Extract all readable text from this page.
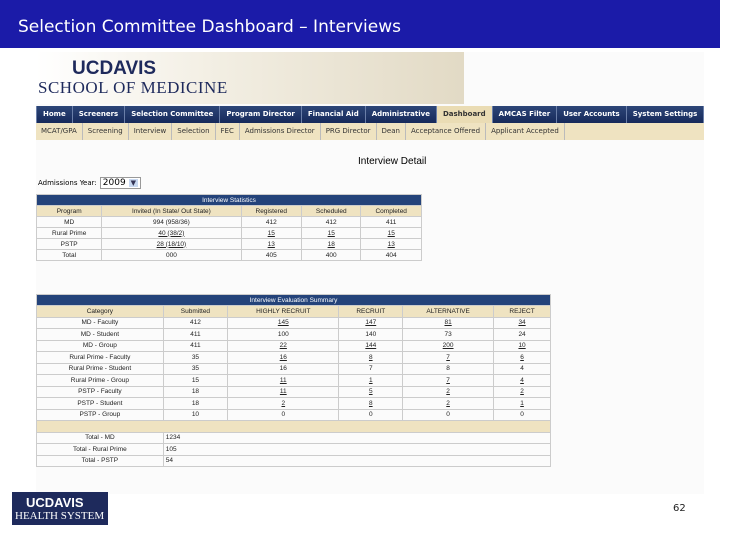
Selection Committee Dashboard – Interviews
UCDAVIS
SCHOOL OF MEDICINE
Home	Screeners	Selection Committee	Program Director	Financial Aid	Administrative	Dashboard	AMCAS Filter	User Accounts	System Settings	Logout
MCAT/GPA	Screening	Interview	Selection	FEC	Admissions Director	PRG Director	Dean	Acceptance Offered	Applicant Accepted
Interview Detail
Admissions Year: 2009 ▼
Interview Statistics				
Program	Invited (In State/ Out State)	Registered	Scheduled	Completed
MD	994 (958/36)	412	412	411
Rural Prime	40 (38/2)	15	15	15
PSTP	28 (18/10)	13	18	13
Total	000	405	400	404
Interview Evaluation Summary					
Category	Submitted	HIGHLY RECRUIT	RECRUIT	ALTERNATIVE	REJECT
MD - Faculty	412	145	147	81	34
MD - Student	411	100	140	73	24
MD - Group	411	22	144	200	10
Rural Prime - Faculty	35	16	8	7	6
Rural Prime - Student	35	16	7	8	4
Rural Prime - Group	15	11	1	7	4
PSTP - Faculty	18	11	5	2	2
PSTP - Student	18	2	8	2	1
PSTP - Group	10	0	0	0	0

Total - MD	1234				
Total - Rural Prime	105				
Total - PSTP	54				
UCDAVIS
HEALTH SYSTEM
62
